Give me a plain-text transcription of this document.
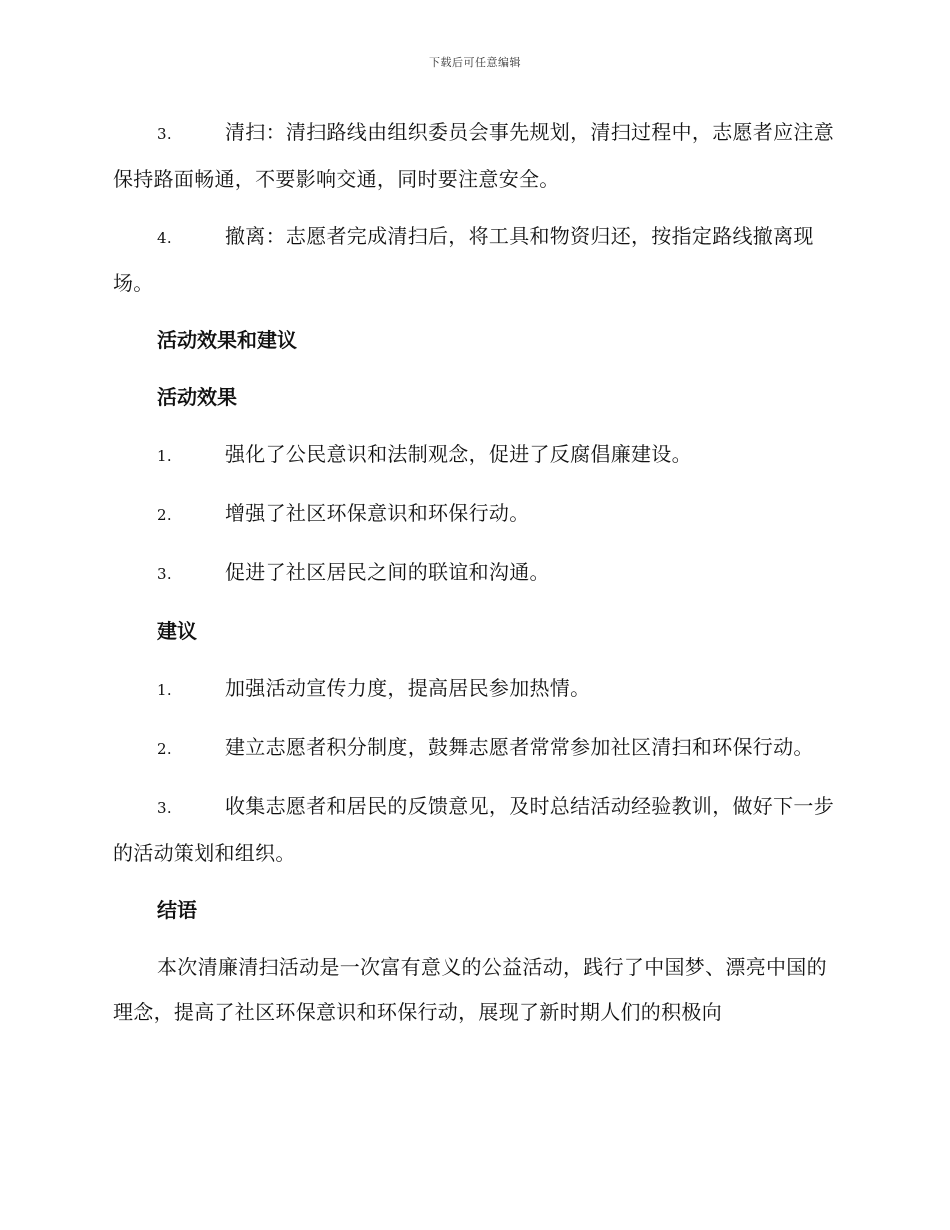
下载后可任意编辑

3.	清扫：清扫路线由组织委员会事先规划，清扫过程中，志愿者应注意保持路面畅通，不要影响交通，同时要注意安全。

4.	撤离：志愿者完成清扫后，将工具和物资归还，按指定路线撤离现场。

活动效果和建议
活动效果

1.	强化了公民意识和法制观念，促进了反腐倡廉建设。

2.	增强了社区环保意识和环保行动。

3.	促进了社区居民之间的联谊和沟通。

建议

1.	加强活动宣传力度，提高居民参加热情。

2.	建立志愿者积分制度，鼓舞志愿者常常参加社区清扫和环保行动。

3.	收集志愿者和居民的反馈意见，及时总结活动经验教训，做好下一步的活动策划和组织。

结语

本次清廉清扫活动是一次富有意义的公益活动，践行了中国梦、漂亮中国的理念，提高了社区环保意识和环保行动，展现了新时期人们的积极向
